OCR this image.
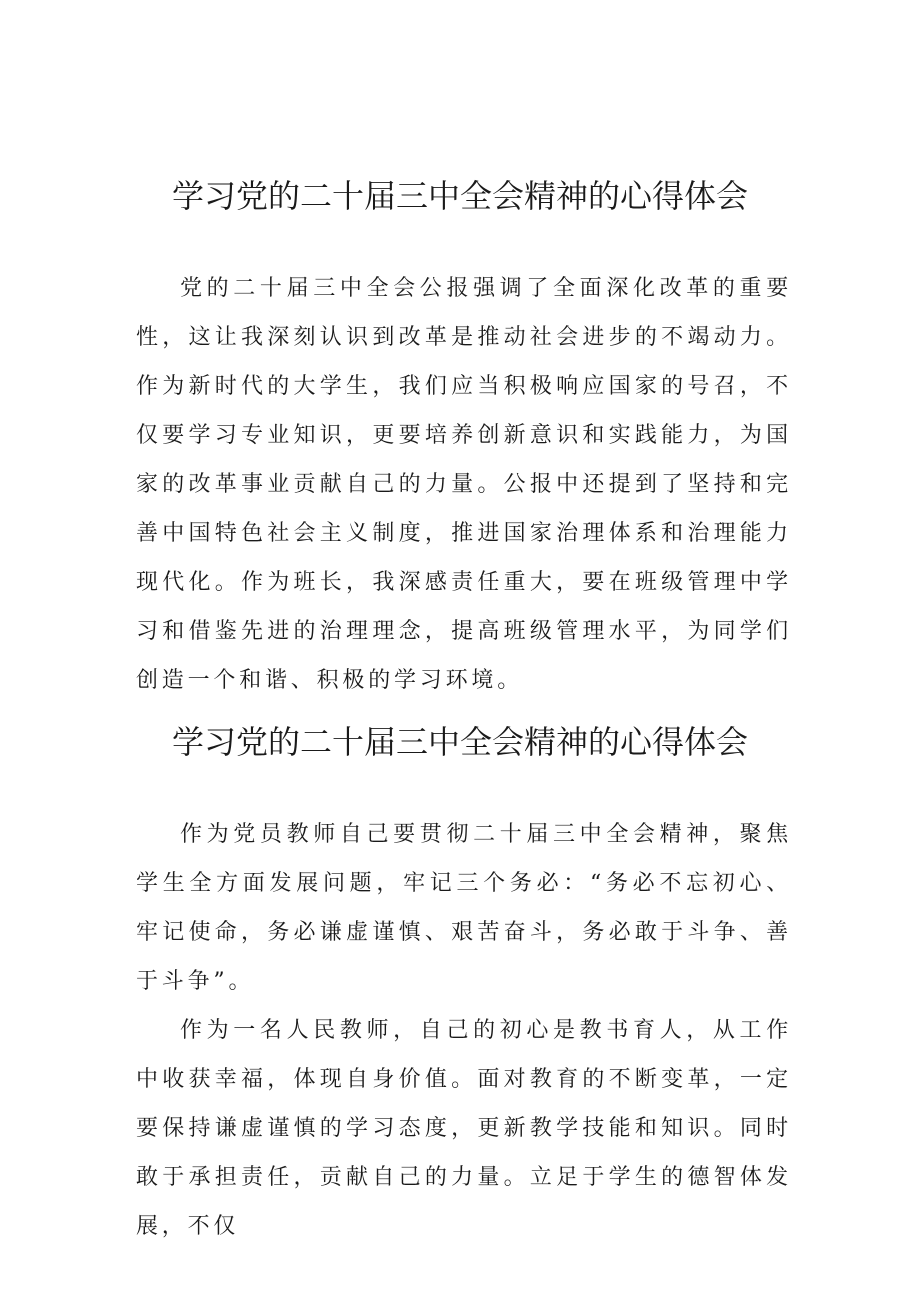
学习党的二十届三中全会精神的心得体会

党的二十届三中全会公报强调了全面深化改革的重要性，这让我深刻认识到改革是推动社会进步的不竭动力。作为新时代的大学生，我们应当积极响应国家的号召，不仅要学习专业知识，更要培养创新意识和实践能力，为国家的改革事业贡献自己的力量。公报中还提到了坚持和完善中国特色社会主义制度，推进国家治理体系和治理能力现代化。作为班长，我深感责任重大，要在班级管理中学习和借鉴先进的治理理念，提高班级管理水平，为同学们创造一个和谐、积极的学习环境。

学习党的二十届三中全会精神的心得体会

作为党员教师自己要贯彻二十届三中全会精神，聚焦学生全方面发展问题，牢记三个务必：“务必不忘初心、牢记使命，务必谦虚谨慎、艰苦奋斗，务必敢于斗争、善于斗争”。

作为一名人民教师，自己的初心是教书育人，从工作中收获幸福，体现自身价值。面对教育的不断变革，一定要保持谦虚谨慎的学习态度，更新教学技能和知识。同时敢于承担责任，贡献自己的力量。立足于学生的德智体发展，不仅
